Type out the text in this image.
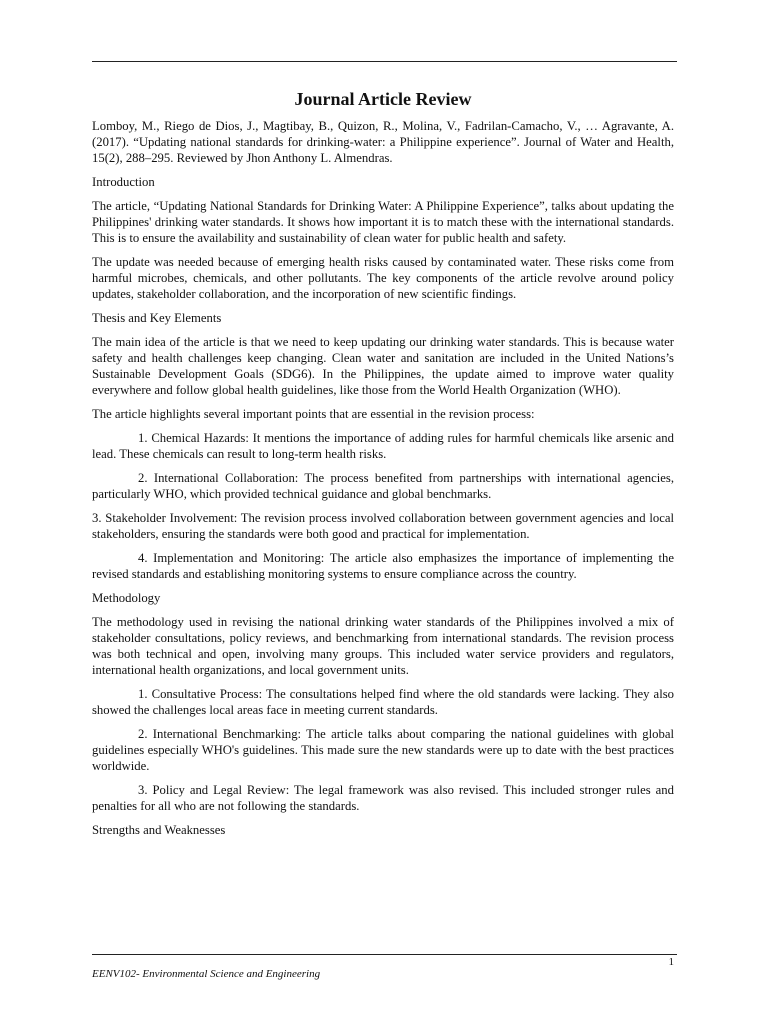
Journal Article Review

Lomboy, M., Riego de Dios, J., Magtibay, B., Quizon, R., Molina, V., Fadrilan-Camacho, V., … Agravante, A. (2017). “Updating national standards for drinking-water: a Philippine experience”. Journal of Water and Health, 15(2), 288–295. Reviewed by Jhon Anthony L. Almendras.

Introduction

The article, “Updating National Standards for Drinking Water: A Philippine Experience”, talks about updating the Philippines' drinking water standards. It shows how important it is to match these with the international standards. This is to ensure the availability and sustainability of clean water for public health and safety.

The update was needed because of emerging health risks caused by contaminated water. These risks come from harmful microbes, chemicals, and other pollutants. The key components of the article revolve around policy updates, stakeholder collaboration, and the incorporation of new scientific findings.

Thesis and Key Elements

The main idea of the article is that we need to keep updating our drinking water standards. This is because water safety and health challenges keep changing. Clean water and sanitation are included in the United Nations’s Sustainable Development Goals (SDG6). In the Philippines, the update aimed to improve water quality everywhere and follow global health guidelines, like those from the World Health Organization (WHO).

The article highlights several important points that are essential in the revision process:

1. Chemical Hazards: It mentions the importance of adding rules for harmful chemicals like arsenic and lead. These chemicals can result to long-term health risks.

2. International Collaboration: The process benefited from partnerships with international agencies, particularly WHO, which provided technical guidance and global benchmarks.

3. Stakeholder Involvement: The revision process involved collaboration between government agencies and local stakeholders, ensuring the standards were both good and practical for implementation.

4. Implementation and Monitoring: The article also emphasizes the importance of implementing the revised standards and establishing monitoring systems to ensure compliance across the country.

Methodology

The methodology used in revising the national drinking water standards of the Philippines involved a mix of stakeholder consultations, policy reviews, and benchmarking from international standards. The revision process was both technical and open, involving many groups. This included water service providers and regulators, international health organizations, and local government units.

1. Consultative Process: The consultations helped find where the old standards were lacking. They also showed the challenges local areas face in meeting current standards.

2. International Benchmarking: The article talks about comparing the national guidelines with global guidelines especially WHO's guidelines. This made sure the new standards were up to date with the best practices worldwide.

3. Policy and Legal Review: The legal framework was also revised. This included stronger rules and penalties for all who are not following the standards.

Strengths and Weaknesses

1
EENV102- Environmental Science and Engineering
